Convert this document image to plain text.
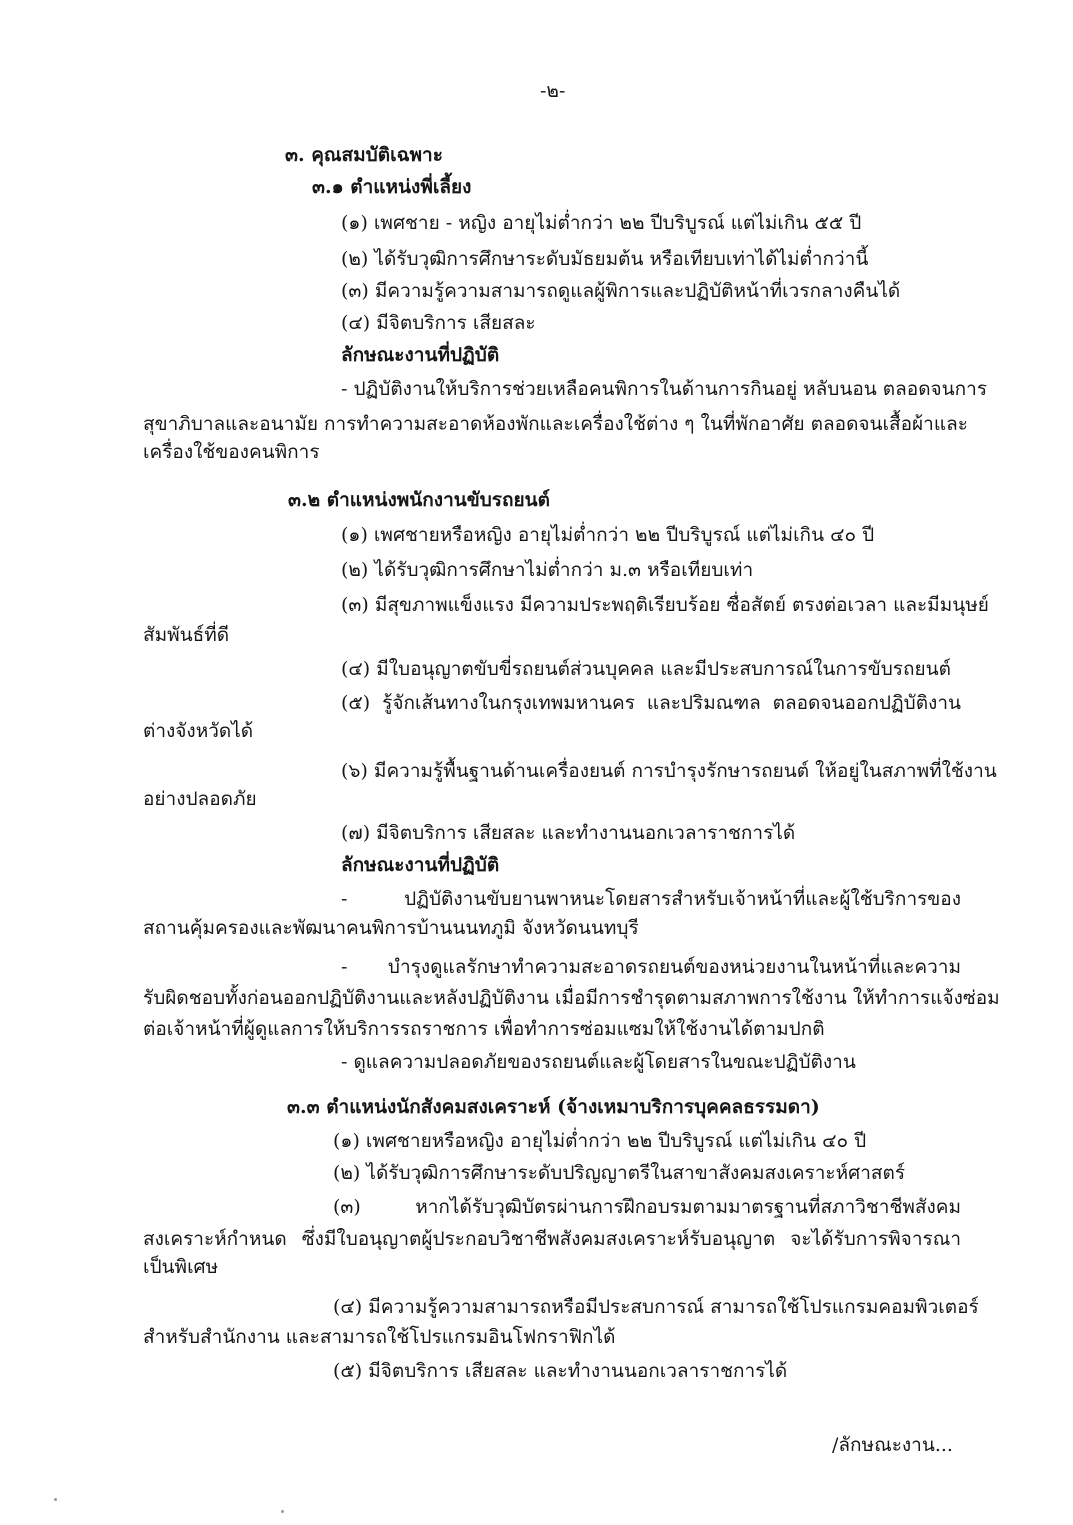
-๒-
๓. คุณสมบัติเฉพาะ
๓.๑ ตำแหน่งพี่เลี้ยง
(๑) เพศชาย - หญิง อายุไม่ต่ำกว่า ๒๒ ปีบริบูรณ์ แต่ไม่เกิน ๕๕ ปี
(๒) ได้รับวุฒิการศึกษาระดับมัธยมต้น หรือเทียบเท่าได้ไม่ต่ำกว่านี้
(๓) มีความรู้ความสามารถดูแลผู้พิการและปฏิบัติหน้าที่เวรกลางคืนได้
(๔) มีจิตบริการ เสียสละ
ลักษณะงานที่ปฏิบัติ
- ปฏิบัติงานให้บริการช่วยเหลือคนพิการในด้านการกินอยู่ หลับนอน ตลอดจนการ
สุขาภิบาลและอนามัย การทำความสะอาดห้องพักและเครื่องใช้ต่าง ๆ ในที่พักอาศัย ตลอดจนเสื้อผ้าและ
เครื่องใช้ของคนพิการ
๓.๒ ตำแหน่งพนักงานขับรถยนต์
(๑) เพศชายหรือหญิง อายุไม่ต่ำกว่า ๒๒ ปีบริบูรณ์ แต่ไม่เกิน ๔๐ ปี
(๒) ได้รับวุฒิการศึกษาไม่ต่ำกว่า ม.๓ หรือเทียบเท่า
(๓) มีสุขภาพแข็งแรง มีความประพฤติเรียบร้อย ซื่อสัตย์ ตรงต่อเวลา และมีมนุษย์
สัมพันธ์ที่ดี
(๔) มีใบอนุญาตขับขี่รถยนต์ส่วนบุคคล และมีประสบการณ์ในการขับรถยนต์
(๕) รู้จักเส้นทางในกรุงเทพมหานคร และปริมณฑล ตลอดจนออกปฏิบัติงาน
ต่างจังหวัดได้
(๖) มีความรู้พื้นฐานด้านเครื่องยนต์ การบำรุงรักษารถยนต์ ให้อยู่ในสภาพที่ใช้งาน
อย่างปลอดภัย
(๗) มีจิตบริการ เสียสละ และทำงานนอกเวลาราชการได้
ลักษณะงานที่ปฏิบัติ
- ปฏิบัติงานขับยานพาหนะโดยสารสำหรับเจ้าหน้าที่และผู้ใช้บริการของ
สถานคุ้มครองและพัฒนาคนพิการบ้านนนทภูมิ จังหวัดนนทบุรี
- บำรุงดูแลรักษาทำความสะอาดรถยนต์ของหน่วยงานในหน้าที่และความ
รับผิดชอบทั้งก่อนออกปฏิบัติงานและหลังปฏิบัติงาน เมื่อมีการชำรุดตามสภาพการใช้งาน ให้ทำการแจ้งซ่อม
ต่อเจ้าหน้าที่ผู้ดูแลการให้บริการรถราชการ เพื่อทำการซ่อมแซมให้ใช้งานได้ตามปกติ
- ดูแลความปลอดภัยของรถยนต์และผู้โดยสารในขณะปฏิบัติงาน
๓.๓ ตำแหน่งนักสังคมสงเคราะห์ (จ้างเหมาบริการบุคคลธรรมดา)
(๑) เพศชายหรือหญิง อายุไม่ต่ำกว่า ๒๒ ปีบริบูรณ์ แต่ไม่เกิน ๔๐ ปี
(๒) ได้รับวุฒิการศึกษาระดับปริญญาตรีในสาขาสังคมสงเคราะห์ศาสตร์
(๓) หากได้รับวุฒิบัตรผ่านการฝึกอบรมตามมาตรฐานที่สภาวิชาชีพสังคม
สงเคราะห์กำหนด ซึ่งมีใบอนุญาตผู้ประกอบวิชาชีพสังคมสงเคราะห์รับอนุญาต จะได้รับการพิจารณา
เป็นพิเศษ
(๔) มีความรู้ความสามารถหรือมีประสบการณ์ สามารถใช้โปรแกรมคอมพิวเตอร์
สำหรับสำนักงาน และสามารถใช้โปรแกรมอินโฟกราฟิกได้
(๕) มีจิตบริการ เสียสละ และทำงานนอกเวลาราชการได้
/ลักษณะงาน...
